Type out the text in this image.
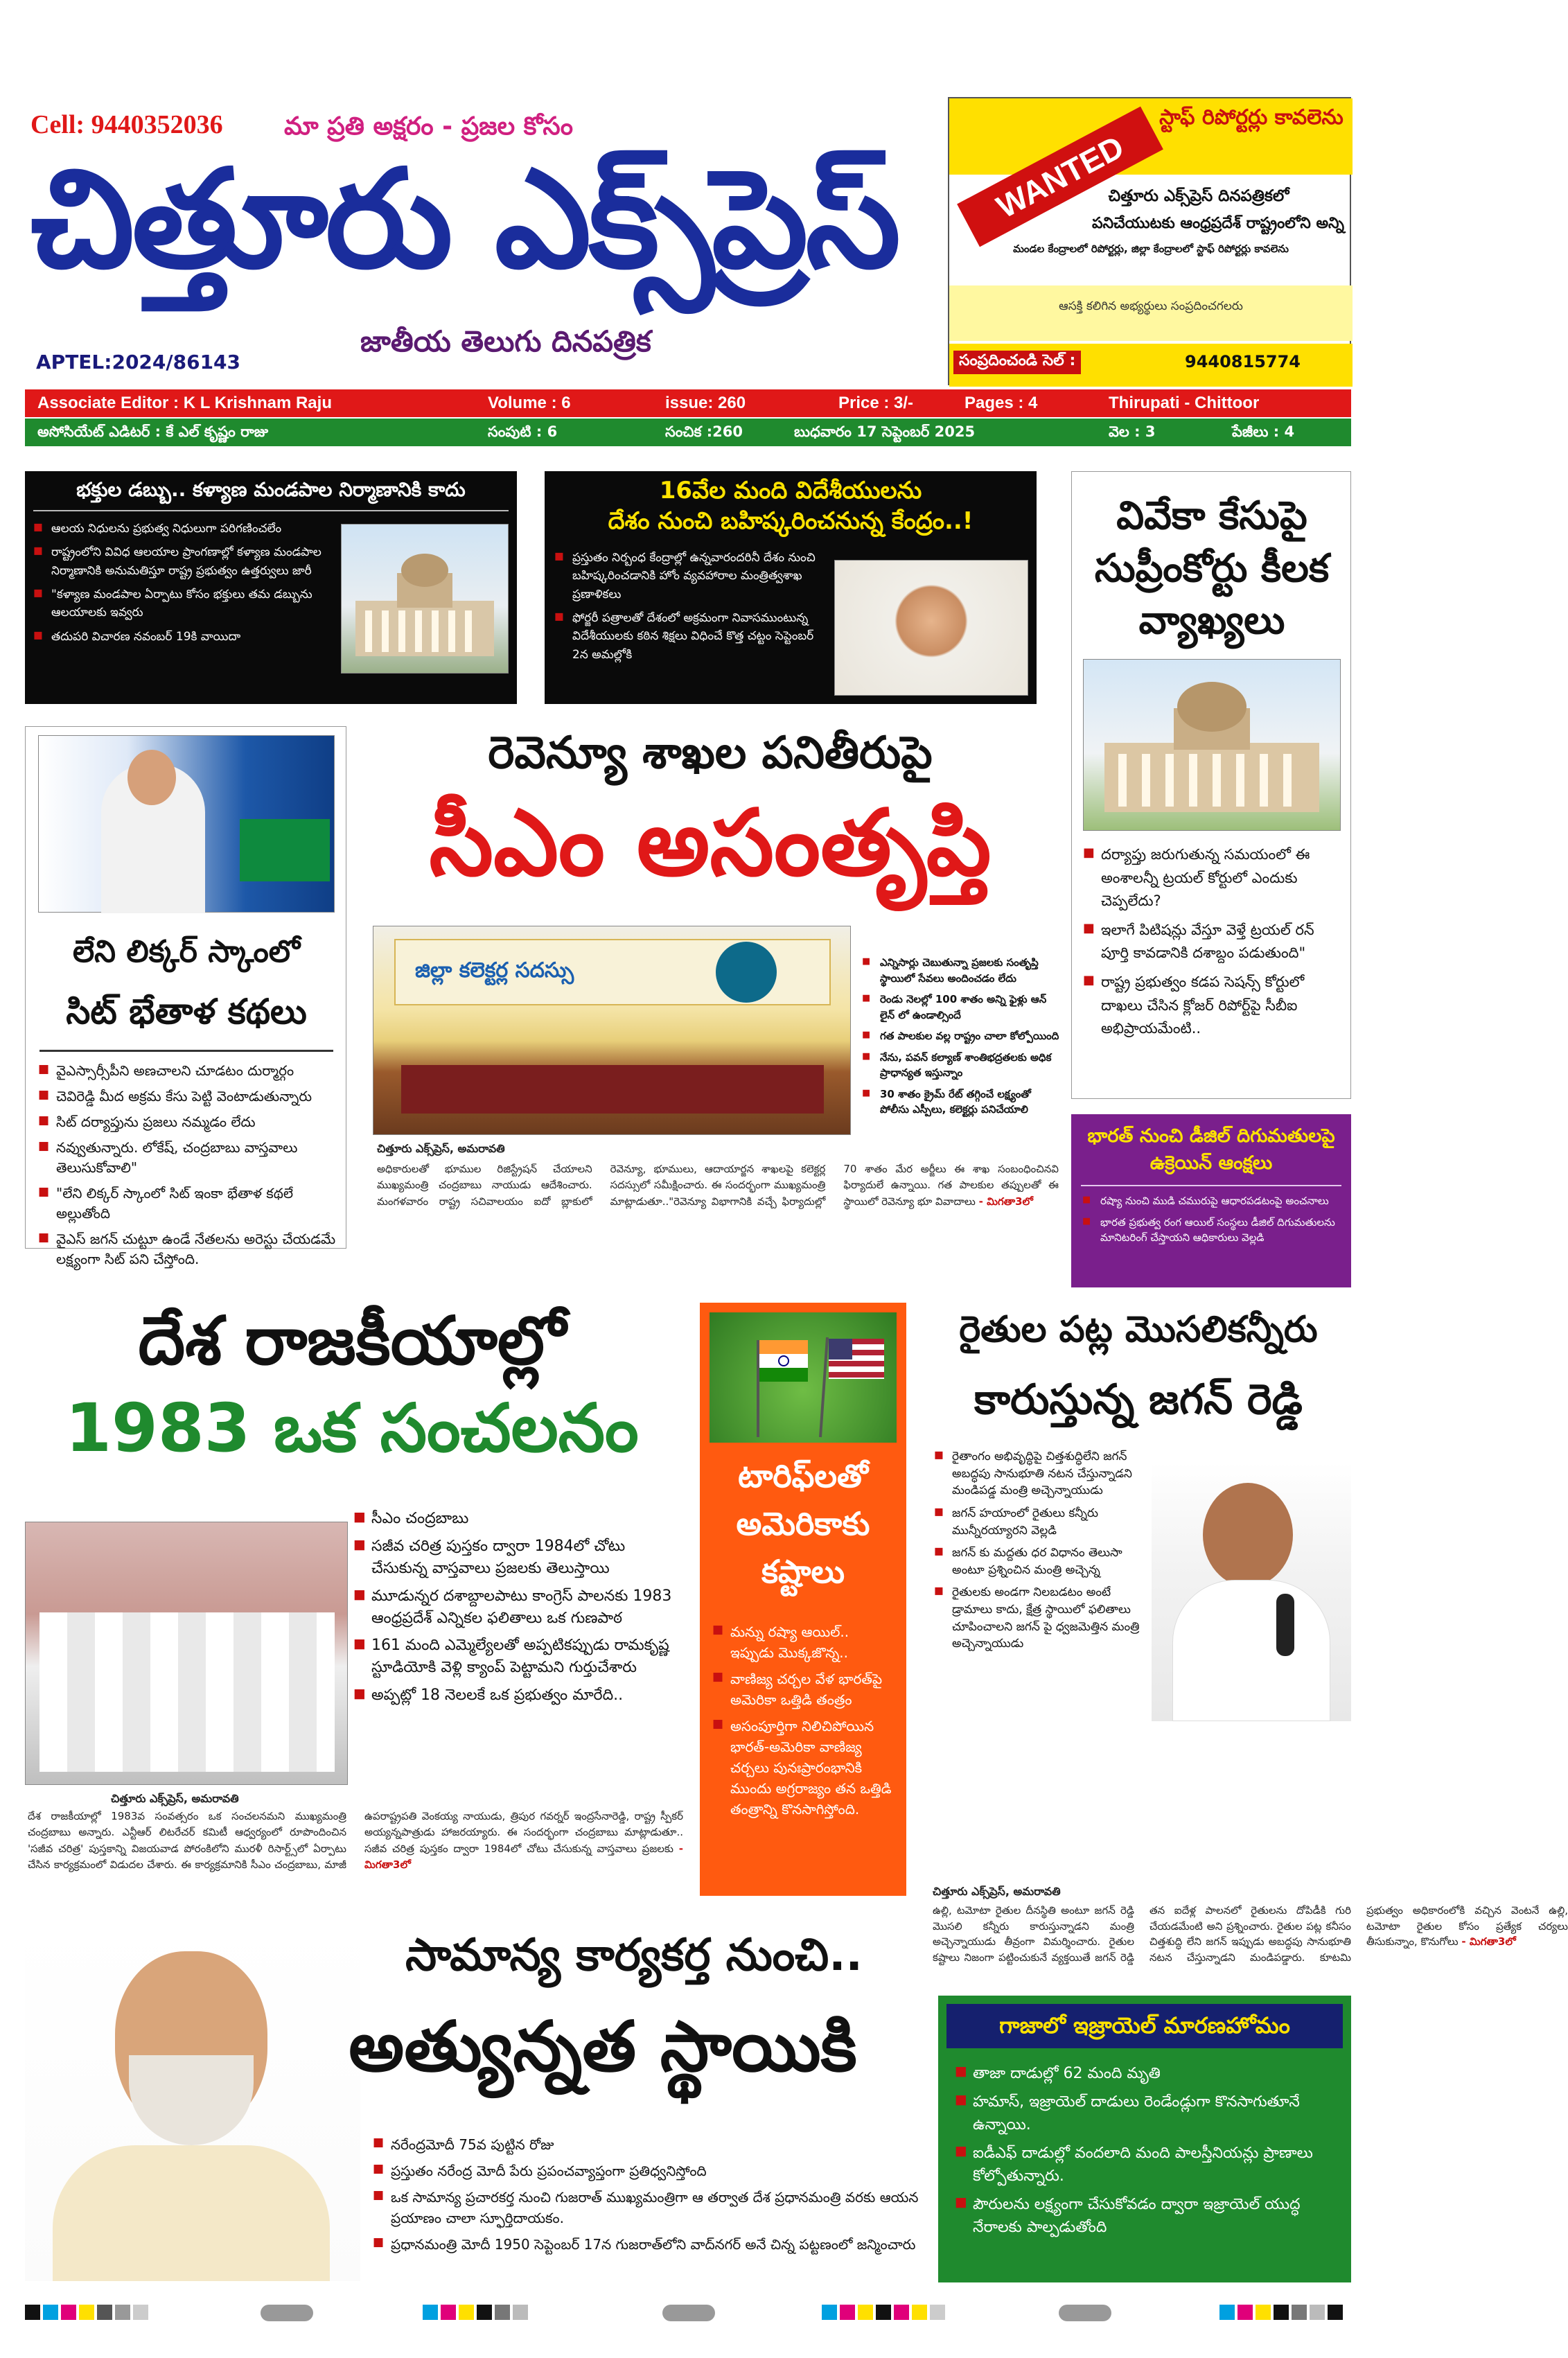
Cell: 9440352036 మా ప్రతి అక్షరం - ప్రజల కోసం
చిత్తూరు ఎక్స్‌ప్రెస్
జాతీయ తెలుగు దినపత్రిక
APTEL:2024/86143
స్టాఫ్ రిపోర్టర్లు కావలెను
WANTED
చిత్తూరు ఎక్స్‌ప్రెస్ దినపత్రికలో
పనిచేయుటకు ఆంధ్రప్రదేశ్ రాష్ట్రంలోని అన్ని
మండల కేంద్రాలలో రిపోర్టర్లు, జిల్లా కేంద్రాలలో స్టాఫ్ రిపోర్టర్లు కావలెను
ఆసక్తి కలిగిన అభ్యర్థులు సంప్రదించగలరు
సంప్రదించండి సెల్ :	9440815774
Associate Editor : K L Krishnam Raju	Volume : 6	issue: 260	Price : 3/-	Pages : 4	Thirupati - Chittoor
అసోసియేట్ ఎడిటర్ : కే ఎల్ కృష్ణం రాజు	సంపుటి : 6	సంచిక :260	బుధవారం 17 సెప్టెంబర్ 2025	వెల : 3	పేజీలు : 4
భక్తుల డబ్బు.. కళ్యాణ మండపాల నిర్మాణానికి కాదు
■ ఆలయ నిధులను ప్రభుత్వ నిధులుగా పరిగణించలేం
■ రాష్ట్రంలోని వివిధ ఆలయాల ప్రాంగణాల్లో కళ్యాణ మండపాల నిర్మాణానికి అనుమతిస్తూ రాష్ట్ర ప్రభుత్వం ఉత్తర్వులు జారీ
■ "కళ్యాణ మండపాల ఏర్పాటు కోసం భక్తులు తమ డబ్బును ఆలయాలకు ఇవ్వరు
■ తదుపరి విచారణ నవంబర్ 19కి వాయిదా
16వేల మంది విదేశీయులను
దేశం నుంచి బహిష్కరించనున్న కేంద్రం..!
■ ప్రస్తుతం నిర్బంధ కేంద్రాల్లో ఉన్నవారందరినీ దేశం నుంచి బహిష్కరించడానికి హోం వ్యవహారాల మంత్రిత్వశాఖ ప్రణాళికలు
■ ఫోర్జరీ పత్రాలతో దేశంలో అక్రమంగా నివాసముంటున్న విదేశీయులకు కఠిన శిక్షలు విధించే కొత్త చట్టం సెప్టెంబర్ 2న అమల్లోకి
వివేకా కేసుపై సుప్రీంకోర్టు కీలక వ్యాఖ్యలు
■ దర్యాప్తు జరుగుతున్న సమయంలో ఈ అంశాలన్నీ ట్రయల్ కోర్టులో ఎందుకు చెప్పలేదు?
■ ఇలాగే పిటిషన్లు వేస్తూ వెళ్తే ట్రయల్ రన్ పూర్తి కావడానికి దశాబ్దం పడుతుంది"
■ రాష్ట్ర ప్రభుత్వం కడప సెషన్స్ కోర్టులో దాఖలు చేసిన క్లోజర్ రిపోర్ట్‌పై సీబీఐ అభిప్రాయమేంటి..
లేని లిక్కర్ స్కాంలో
సిట్ భేతాళ కథలు
■ వైఎస్సార్సీపీని అణచాలని చూడటం దుర్మార్గం
■ చెవిరెడ్డి మీద అక్రమ కేసు పెట్టి వెంటాడుతున్నారు
■ సిట్ దర్యాప్తును ప్రజలు నమ్మడం లేదు
■ నవ్వుతున్నారు. లోకేష్, చంద్రబాబు వాస్తవాలు తెలుసుకోవాలి"
■ "లేని లిక్కర్ స్కాంలో సిట్ ఇంకా భేతాళ కథలే అల్లుతోంది
■ వైఎస్ జగన్ చుట్టూ ఉండే నేతలను అరెస్టు చేయడమే లక్ష్యంగా సిట్ పని చేస్తోంది.
రెవెన్యూ శాఖల పనితీరుపై
సీఎం అసంతృప్తి
జిల్లా కలెక్టర్ల సదస్సు
■	ఎన్నిసార్లు చెబుతున్నా ప్రజలకు సంతృప్తి స్థాయిలో సేవలు అందించడం లేదు
■ రెండు నెలల్లో 100 శాతం అన్ని ఫైళ్లు ఆన్ లైన్ లో ఉండాల్సిందే
■ గత పాలకుల వల్ల రాష్ట్రం చాలా కోల్పోయింది
■ నేను, పవన్ కల్యాణ్ శాంతిభద్రతలకు అధిక ప్రాధాన్యత ఇస్తున్నాం
■ 30 శాతం క్రైమ్ రేట్ తగ్గించే లక్ష్యంతో పోలీసు ఎస్పీలు, కలెక్టర్లు పనిచేయాలి
చిత్తూరు ఎక్స్‌ప్రెస్, అమరావతి
అధికారులతో భూముల రిజిస్ట్రేషన్ చేయాలని ముఖ్యమంత్రి చంద్రబాబు నాయుడు ఆదేశించారు. మంగళవారం రాష్ట్ర సచివాలయం ఐదో బ్లాకులో రెవెన్యూ, భూములు, ఆదాయార్జన శాఖలపై కలెక్టర్ల సదస్సులో సమీక్షించారు. ఈ సందర్భంగా ముఖ్యమంత్రి మాట్లాడుతూ.."రెవెన్యూ విభాగానికి వచ్చే ఫిర్యాదుల్లో 70 శాతం మేర అర్జీలు ఈ శాఖ సంబంధించినవి ఫిర్యాదులే ఉన్నాయి. గత పాలకుల తప్పులతో ఈ స్థాయిలో రెవెన్యూ భూ వివాదాలు - మిగతా3లో
భారత్ నుంచి డీజిల్ దిగుమతులపై ఉక్రెయిన్ ఆంక్షలు
■ రష్యా నుంచి ముడి చమురుపై ఆధారపడటంపై అంచనాలు
■ భారత ప్రభుత్వ రంగ ఆయిల్ సంస్థలు డీజిల్ దిగుమతులను మానిటరింగ్ చేస్తాయని ఆధికారులు వెల్లడి
దేశ రాజకీయాల్లో
1983 ఒక సంచలనం
■ సీఎం చంద్రబాబు
■ సజీవ చరిత్ర పుస్తకం ద్వారా 1984లో చోటు చేసుకున్న వాస్తవాలు ప్రజలకు తెలుస్తాయి
■ మూడున్నర దశాబ్దాలపాటు కాంగ్రెస్ పాలనకు 1983 ఆంధ్రప్రదేశ్ ఎన్నికల ఫలితాలు ఒక గుణపాఠ
■ 161 మంది ఎమ్మెల్యేలతో అప్పటికప్పుడు రామకృష్ణ స్టూడియోకి వెళ్లి క్యాంప్ పెట్టామని గుర్తుచేశారు
■ అప్పట్లో 18 నెలలకే ఒక ప్రభుత్వం మారేది..
చిత్తూరు ఎక్స్‌ప్రెస్, అమరావతి
దేశ రాజకీయాల్లో 1983వ సంవత్సరం ఒక సంచలనమని ముఖ్యమంత్రి చంద్రబాబు అన్నారు. ఎన్టీఆర్ లిటరేచర్ కమిటీ ఆధ్వర్యంలో రూపొందించిన 'సజీవ చరిత్ర' పుస్తకాన్ని విజయవాడ పోరంకిలోని మురళీ రిసార్ట్స్‌లో ఏర్పాటు చేసిన కార్యక్రమంలో విడుదల చేశారు. ఈ కార్యక్రమానికి సీఎం చంద్రబాబు, మాజీ ఉపరాష్ట్రపతి వెంకయ్య నాయుడు, త్రిపుర గవర్నర్ ఇంద్రసేనారెడ్డి, రాష్ట్ర స్పీకర్ అయ్యన్నపాత్రుడు హాజరయ్యారు. ఈ సందర్భంగా చంద్రబాబు మాట్లాడుతూ.. సజీవ చరిత్ర పుస్తకం ద్వారా 1984లో చోటు చేసుకున్న వాస్తవాలు ప్రజలకు - మిగతా3లో
టారిఫ్‌లతో అమెరికాకు కష్టాలు
■ మన్ను రష్యా ఆయిల్.. ఇప్పుడు మొక్కజొన్న..
■ వాణిజ్య చర్చల వేళ భారత్‌పై అమెరికా ఒత్తిడి తంత్రం
■ అసంపూర్తిగా నిలిచిపోయిన భారత్-అమెరికా వాణిజ్య చర్చలు పునఃప్రారంభానికి ముందు అగ్రరాజ్యం తన ఒత్తిడి తంత్రాన్ని కొనసాగిస్తోంది.
రైతుల పట్ల మొసలికన్నీరు
కారుస్తున్న జగన్ రెడ్డి
■ రైతాంగం అభివృద్ధిపై చిత్తశుద్ధిలేని జగన్ అబద్ధపు సానుభూతి నటన చేస్తున్నాడని మండిపడ్డ మంత్రి అచ్చెన్నాయుడు
■ జగన్ హయాంలో రైతులు కన్నీరు మున్నీరయ్యారని వెల్లడి
■ జగన్ కు మద్దతు ధర విధానం తెలుసా అంటూ ప్రశ్నించిన మంత్రి అచ్చెన్న
■ రైతులకు అండగా నిలబడటం అంటే డ్రామాలు కాదు, క్షేత్ర స్థాయిలో ఫలితాలు చూపించాలని జగన్ పై ధ్వజమెత్తిన మంత్రి అచ్చెన్నాయుడు
చిత్తూరు ఎక్స్‌ప్రెస్, అమరావతి
ఉల్లి, టమోటా రైతుల దీనస్థితి అంటూ జగన్ రెడ్డి మొసలి కన్నీరు కారుస్తున్నాడని మంత్రి అచ్చెన్నాయుడు తీవ్రంగా విమర్శించారు. రైతుల కష్టాలు నిజంగా పట్టించుకునే వ్యక్తయితే జగన్ రెడ్డి తన ఐదేళ్ల పాలనలో రైతులను దోపిడీకి గురి చేయడమేంటి అని ప్రశ్నించారు. రైతుల పట్ల కనీసం చిత్తశుద్ధి లేని జగన్ ఇప్పుడు అబద్ధపు సానుభూతి నటన చేస్తున్నాడని మండిపడ్డారు. కూటమి ప్రభుత్వం అధికారంలోకి వచ్చిన వెంటనే ఉల్లి, టమోటా రైతుల కోసం ప్రత్యేక చర్యలు తీసుకున్నాం, కొనుగోలు - మిగతా3లో
సామాన్య కార్యకర్త నుంచి..
అత్యున్నత స్థాయికి
■ నరేంద్రమోదీ 75వ పుట్టిన రోజు
■ ప్రస్తుతం నరేంద్ర మోదీ పేరు ప్రపంచవ్యాప్తంగా ప్రతిధ్వనిస్తోంది
■ ఒక సామాన్య ప్రచారకర్త నుంచి గుజరాత్ ముఖ్యమంత్రిగా ఆ తర్వాత దేశ ప్రధానమంత్రి వరకు ఆయన ప్రయాణం చాలా స్ఫూర్తిదాయకం.
■ ప్రధానమంత్రి మోదీ 1950 సెప్టెంబర్ 17న గుజరాత్‌లోని వాద్‌నగర్ అనే చిన్న పట్టణంలో జన్మించారు
గాజాలో ఇజ్రాయెల్ మారణహోమం
■ తాజా దాడుల్లో 62 మంది మృతి
■ హమాస్, ఇజ్రాయెల్ దాడులు రెండేండ్లుగా కొనసాగుతూనే ఉన్నాయి.
■ ఐడీఎఫ్ దాడుల్లో వందలాది మంది పాలస్తీనియన్లు ప్రాణాలు కోల్పోతున్నారు.
■ పౌరులను లక్ష్యంగా చేసుకోవడం ద్వారా ఇజ్రాయెల్ యుద్ధ నేరాలకు పాల్పడుతోంది
